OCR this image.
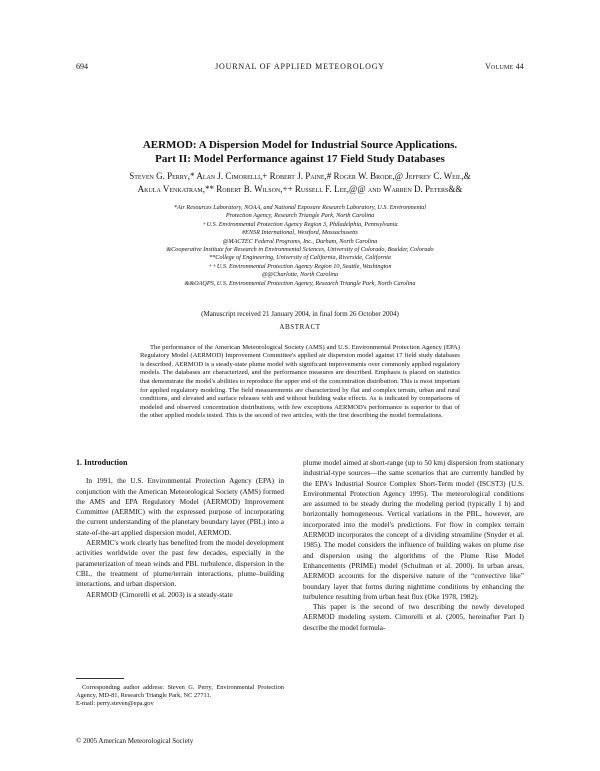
694	JOURNAL OF APPLIED METEOROLOGY	Volume 44
AERMOD: A Dispersion Model for Industrial Source Applications.
Part II: Model Performance against 17 Field Study Databases
Steven G. Perry,* Alan J. Cimorelli,+ Robert J. Paine,# Roger W. Brode,@ Jeffrey C. Weil,&
Akula Venkatram,** Robert B. Wilson,++ Russell F. Lee,@@ and Warren D. Peters&&
*Air Resources Laboratory, NOAA, and National Exposure Research Laboratory, U.S. Environmental
Protection Agency, Research Triangle Park, North Carolina
+U.S. Environmental Protection Agency Region 3, Philadelphia, Pennsylvania
#ENSR International, Westford, Massachusetts
@MACTEC Federal Programs, Inc., Durham, North Carolina
&Cooperative Institute for Research in Environmental Sciences, University of Colorado, Boulder, Colorado
**College of Engineering, University of California, Riverside, California
++U.S. Environmental Protection Agency Region 10, Seattle, Washington
@@Charlotte, North Carolina
&&OAQPS, U.S. Environmental Protection Agency, Research Triangle Park, North Carolina
(Manuscript received 21 January 2004, in final form 26 October 2004)
ABSTRACT

The performance of the American Meteorological Society (AMS) and U.S. Environmental Protection Agency (EPA) Regulatory Model (AERMOD) Improvement Committee's applied air dispersion model against 17 field study databases is described. AERMOD is a steady-state plume model with significant improvements over commonly applied regulatory models. The databases are characterized, and the performance measures are described. Emphasis is placed on statistics that demonstrate the model's abilities to reproduce the upper end of the concentration distribution. This is most important for applied regulatory modeling. The field measurements are characterized by flat and complex terrain, urban and rural conditions, and elevated and surface releases with and without building wake effects. As is indicated by comparisons of modeled and observed concentration distributions, with few exceptions AERMOD's performance is superior to that of the other applied models tested. This is the second of two articles, with the first describing the model formulations.

1. Introduction

In 1991, the U.S. Environmental Protection Agency (EPA) in conjunction with the American Meteorological Society (AMS) formed the AMS and EPA Regulatory Model (AERMOD) Improvement Committee (AERMIC) with the expressed purpose of incorporating the current understanding of the planetary boundary layer (PBL) into a state-of-the-art applied dispersion model, AERMOD.

AERMIC's work clearly has benefited from the model development activities worldwide over the past few decades, especially in the parameterization of mean winds and PBL turbulence, dispersion in the CBL, the treatment of plume/terrain interactions, plume–building interactions, and urban dispersion.

AERMOD (Cimorelli et al. 2003) is a steady-state

plume model aimed at short-range (up to 50 km) dispersion from stationary industrial-type sources—the same scenarios that are currently handled by the EPA's Industrial Source Complex Short-Term model (ISCST3) (U.S. Environmental Protection Agency 1995). The meteorological conditions are assumed to be steady during the modeling period (typically 1 h) and horizontally homogeneous. Vertical variations in the PBL, however, are incorporated into the model's predictions. For flow in complex terrain AERMOD incorporates the concept of a dividing streamline (Snyder et al. 1985). The model considers the influence of building wakes on plume rise and dispersion using the algorithms of the Plume Rise Model Enhancements (PRIME) model (Schulman et al. 2000). In urban areas, AERMOD accounts for the dispersive nature of the “convective like” boundary layer that forms during nighttime conditions by enhancing the turbulence resulting from urban heat flux (Oke 1978, 1982).

This paper is the second of two describing the newly developed AERMOD modeling system. Cimorelli et al. (2005, hereinafter Part I) describe the model formula-

Corresponding author address: Steven G. Perry, Environmental Protection Agency, MD-81, Research Triangle Park, NC 27711.
E-mail: perry.steven@epa.gov
© 2005 American Meteorological Society
